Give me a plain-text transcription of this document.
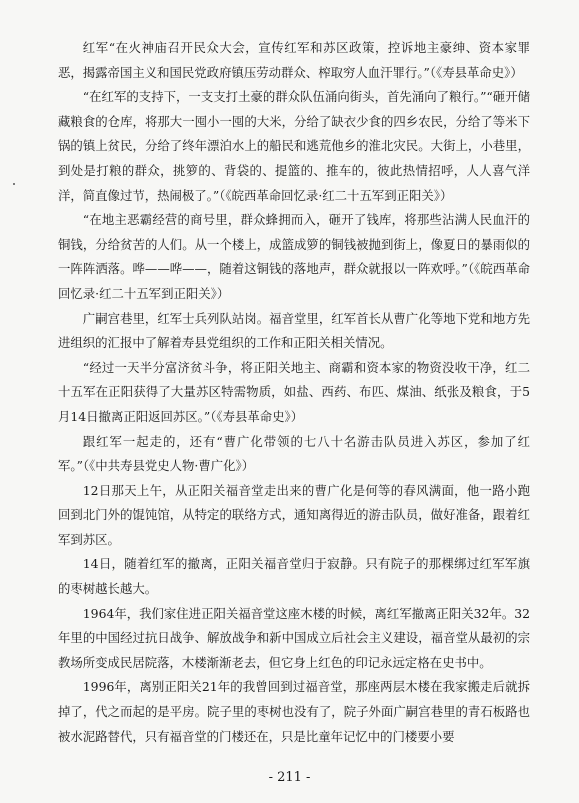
红军“在火神庙召开民众大会，宣传红军和苏区政策，控诉地主豪绅、资本家罪恶，揭露帝国主义和国民党政府镇压劳动群众、榨取穷人血汗罪行。”（《寿县革命史》）

“在红军的支持下，一支支打土豪的群众队伍涌向街头，首先涌向了粮行。”“砸开储藏粮食的仓库，将那大一囤小一囤的大米，分给了缺衣少食的四乡农民，分给了等米下锅的镇上贫民，分给了终年漂泊水上的船民和逃荒他乡的淮北灾民。大街上，小巷里，到处是打粮的群众，挑箩的、背袋的、提篮的、推车的，彼此热情招呼，人人喜气洋洋，简直像过节，热闹极了。”（《皖西革命回忆录·红二十五军到正阳关》）

“在地主恶霸经营的商号里，群众蜂拥而入，砸开了钱库，将那些沾满人民血汗的铜钱，分给贫苦的人们。从一个楼上，成篮成箩的铜钱被抛到街上，像夏日的暴雨似的一阵阵洒落。哗——哗——，随着这铜钱的落地声，群众就报以一阵欢呼。”（《皖西革命回忆录·红二十五军到正阳关》）

广嗣宫巷里，红军士兵列队站岗。福音堂里，红军首长从曹广化等地下党和地方先进组织的汇报中了解着寿县党组织的工作和正阳关相关情况。

“经过一天半分富济贫斗争，将正阳关地主、商霸和资本家的物资没收干净，红二十五军在正阳获得了大量苏区特需物质，如盐、西药、布匹、煤油、纸张及粮食，于5月14日撤离正阳返回苏区。”（《寿县革命史》）

跟红军一起走的，还有“曹广化带领的七八十名游击队员进入苏区，参加了红军。”（《中共寿县党史人物·曹广化》）

12日那天上午，从正阳关福音堂走出来的曹广化是何等的春风满面，他一路小跑回到北门外的馄饨馆，从特定的联络方式，通知离得近的游击队员，做好准备，跟着红军到苏区。

14日，随着红军的撤离，正阳关福音堂归于寂静。只有院子的那棵绑过红军军旗的枣树越长越大。

1964年，我们家住进正阳关福音堂这座木楼的时候，离红军撤离正阳关32年。32年里的中国经过抗日战争、解放战争和新中国成立后社会主义建设，福音堂从最初的宗教场所变成民居院落，木楼渐渐老去，但它身上红色的印记永远定格在史书中。

1996年，离别正阳关21年的我曾回到过福音堂，那座两层木楼在我家搬走后就拆掉了，代之而起的是平房。院子里的枣树也没有了，院子外面广嗣宫巷里的青石板路也被水泥路替代，只有福音堂的门楼还在，只是比童年记忆中的门楼要小要

- 211 -
